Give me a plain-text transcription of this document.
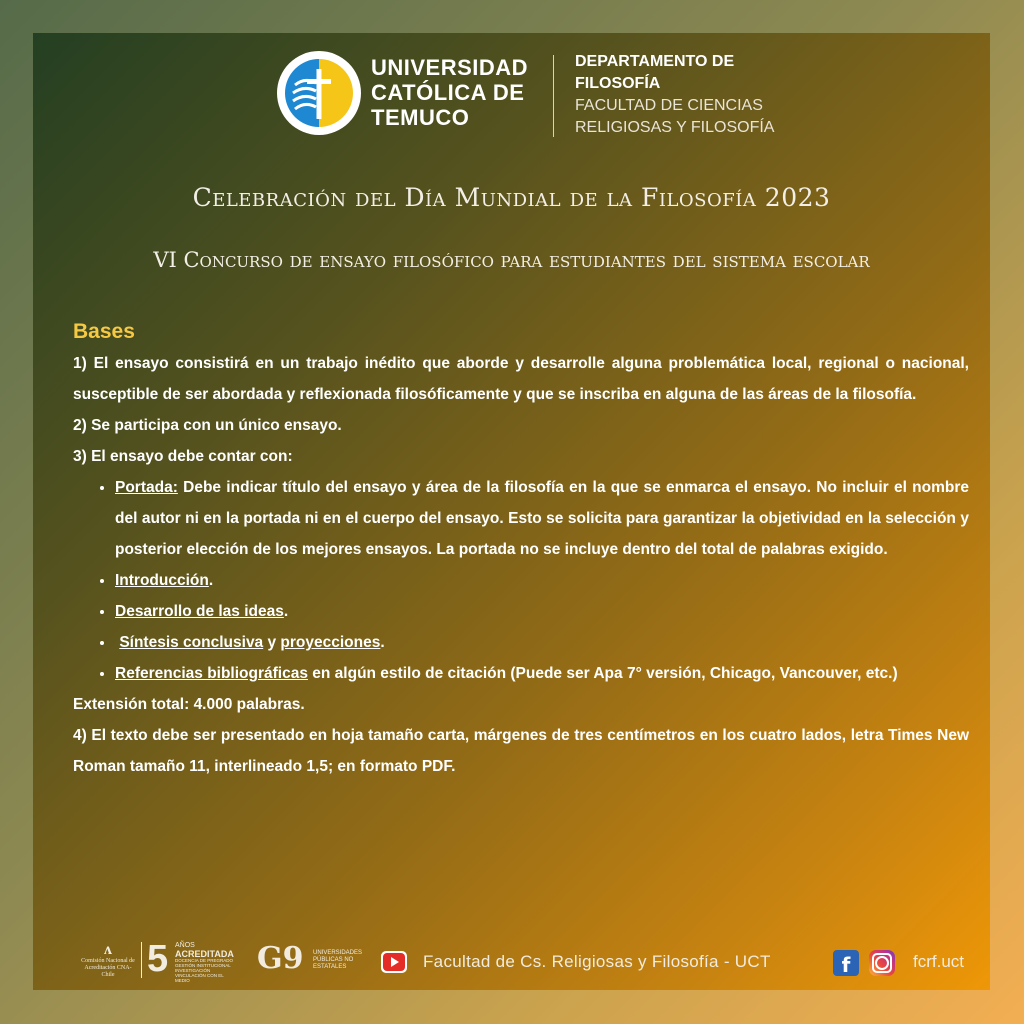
UNIVERSIDAD
CATÓLICA DE
TEMUCO
DEPARTAMENTO DE
FILOSOFÍA
FACULTAD DE CIENCIAS
RELIGIOSAS Y FILOSOFÍA
Celebración del Día Mundial de la Filosofía 2023
VI Concurso de ensayo filosófico para estudiantes del sistema escolar
Bases

1) El ensayo consistirá en un trabajo inédito que aborde y desarrolle alguna problemática local, regional o nacional, susceptible de ser abordada y reflexionada filosóficamente y que se inscriba en alguna de las áreas de la filosofía.

2) Se participa con un único ensayo.

3) El ensayo debe contar con:

• Portada: Debe indicar título del ensayo y área de la filosofía en la que se enmarca el ensayo. No incluir el nombre del autor ni en la portada ni en el cuerpo del ensayo. Esto se solicita para garantizar la objetividad en la selección y posterior elección de los mejores ensayos. La portada no se incluye dentro del total de palabras exigido.
• Introducción.
• Desarrollo de las ideas.
• Síntesis conclusiva y proyecciones.
• Referencias bibliográficas en algún estilo de citación (Puede ser Apa 7° versión, Chicago, Vancouver, etc.)

Extensión total: 4.000 palabras.

4) El texto debe ser presentado en hoja tamaño carta, márgenes de tres centímetros en los cuatro lados, letra Times New Roman tamaño 11, interlineado 1,5; en formato PDF.

ʌ
Comisión Nacional de Acreditación CNA-Chile 5 AÑOS
ACREDITADA
DOCENCIA DE PREGRADO GESTIÓN INSTITUCIONAL INVESTIGACIÓN VINCULACIÓN CON EL MEDIO
G9 UNIVERSIDADES PÚBLICAS NO ESTATALES	Facultad de Cs. Religiosas y Filosofía - UCT	f	fcrf.uct
